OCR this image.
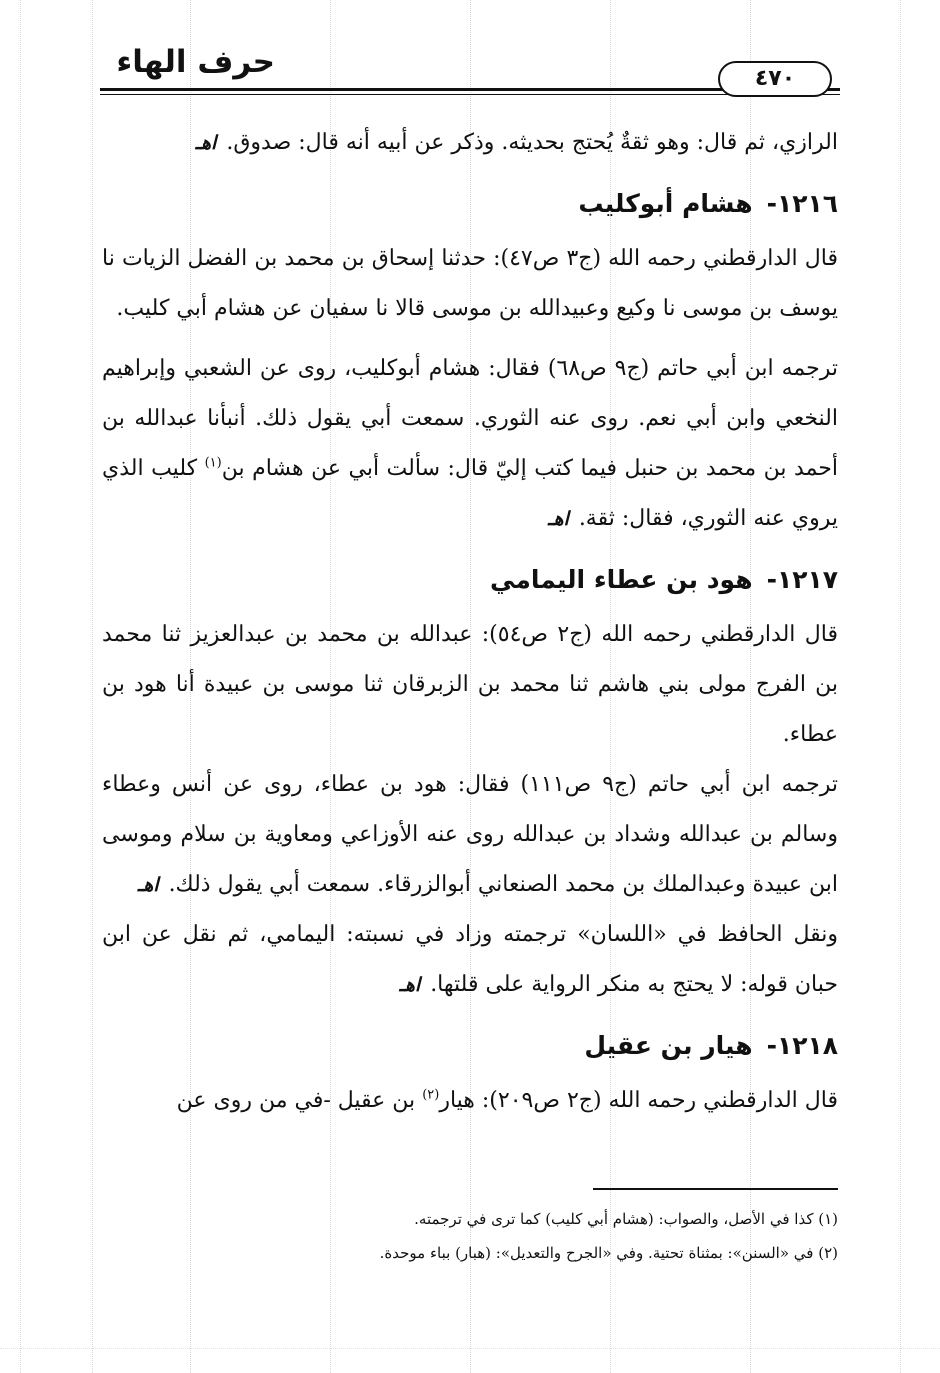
٤٧٠
حرف الهاء

الرازي، ثم قال: وهو ثقةٌ يُحتج بحديثه. وذكر عن أبيه أنه قال: صدوق.اهـ

١٢١٦-هشام أبوكليب

قال الدارقطني رحمه الله (ج٣ ص٤٧): حدثنا إسحاق بن محمد بن الفضل الزيات نا يوسف بن موسى نا وكيع وعبيدالله بن موسى قالا نا سفيان عن هشام أبي كليب.

ترجمه ابن أبي حاتم (ج٩ ص٦٨) فقال: هشام أبوكليب، روى عن الشعبي وإبراهيم النخعي وابن أبي نعم. روى عنه الثوري. سمعت أبي يقول ذلك. أنبأنا عبدالله بن أحمد بن محمد بن حنبل فيما كتب إليّ قال: سألت أبي عن هشام بن$^{(١)}$ كليب الذي يروي عنه الثوري، فقال: ثقة.اهـ

١٢١٧-هود بن عطاء اليمامي

قال الدارقطني رحمه الله (ج٢ ص٥٤): عبدالله بن محمد بن عبدالعزيز ثنا محمد بن الفرج مولى بني هاشم ثنا محمد بن الزبرقان ثنا موسى بن عبيدة أنا هود بن عطاء.

ترجمه ابن أبي حاتم (ج٩ ص١١١) فقال: هود بن عطاء، روى عن أنس وعطاء وسالم بن عبدالله وشداد بن عبدالله روى عنه الأوزاعي ومعاوية بن سلام وموسى ابن عبيدة وعبدالملك بن محمد الصنعاني أبوالزرقاء. سمعت أبي يقول ذلك.اهـ

ونقل الحافظ في «اللسان» ترجمته وزاد في نسبته: اليمامي، ثم نقل عن ابن حبان قوله: لا يحتج به منكر الرواية على قلتها.اهـ

١٢١٨-هيار بن عقيل

قال الدارقطني رحمه الله (ج٢ ص٢٠٩): هيار$^{(٢)}$ بن عقيل -في من روى عن

(١) كذا في الأصل، والصواب: (هشام أبي كليب) كما ترى في ترجمته.

(٢) في «السنن»: بمثناة تحتية. وفي «الجرح والتعديل»: (هبار) بباء موحدة.
